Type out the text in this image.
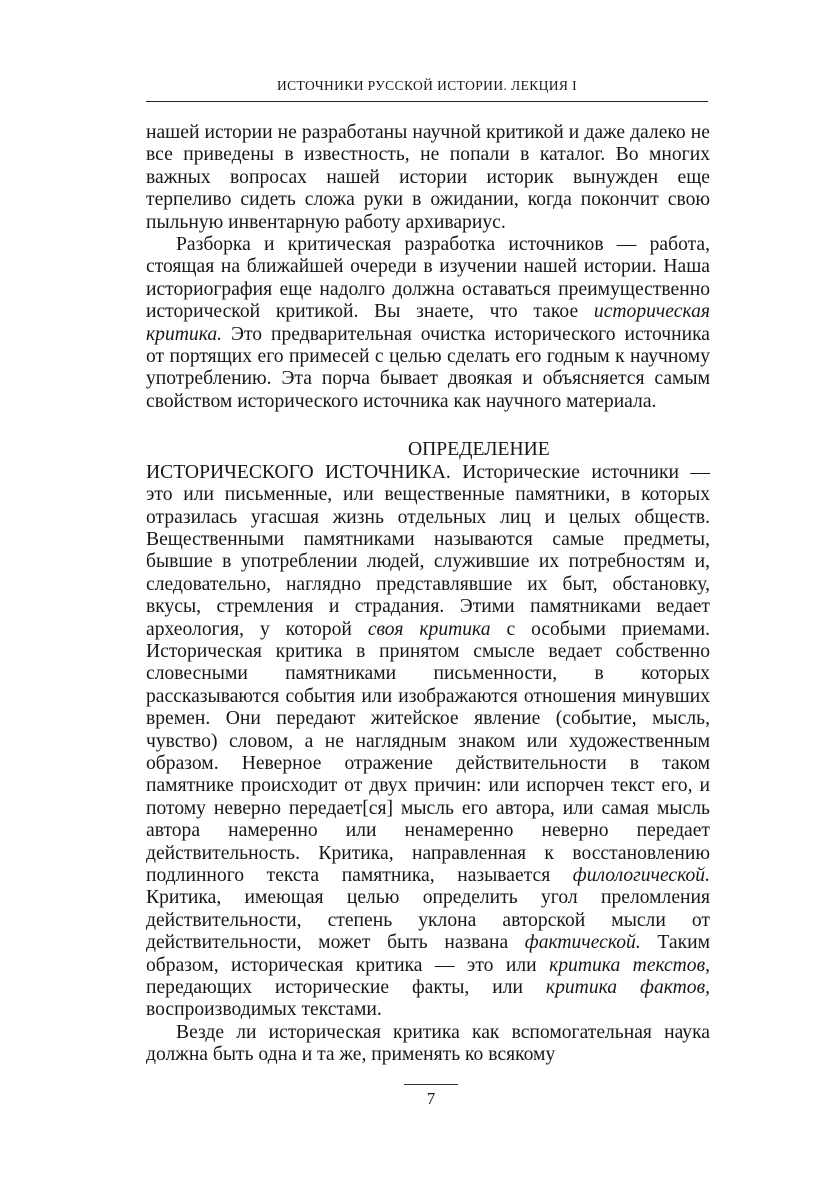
ИСТОЧНИКИ РУССКОЙ ИСТОРИИ. ЛЕКЦИЯ I

нашей истории не разработаны научной критикой и даже далеко не все приведены в известность, не попали в каталог. Во многих важных вопросах нашей истории историк вынужден еще терпеливо сидеть сложа руки в ожидании, когда покончит свою пыльную инвентарную работу архивариус.

Разборка и критическая разработка источников — работа, стоящая на ближайшей очереди в изучении нашей истории. Наша историография еще надолго должна оставаться преимущественно исторической критикой. Вы знаете, что такое историческая критика. Это предварительная очистка исторического источника от портящих его примесей с целью сделать его годным к научному употреблению. Эта порча бывает двоякая и объясняется самым свойством исторического источника как научного материала.

ОПРЕДЕЛЕНИЕ ИСТОРИЧЕСКОГО ИСТОЧНИКА. Исторические источники — это или письменные, или вещественные памятники, в которых отразилась угасшая жизнь отдельных лиц и целых обществ. Вещественными памятниками называются самые предметы, бывшие в употреблении людей, служившие их потребностям и, следовательно, наглядно представлявшие их быт, обстановку, вкусы, стремления и страдания. Этими памятниками ведает археология, у которой своя критика с особыми приемами. Историческая критика в принятом смысле ведает собственно словесными памятниками письменности, в которых рассказываются события или изображаются отношения минувших времен. Они передают житейское явление (событие, мысль, чувство) словом, а не наглядным знаком или художественным образом. Неверное отражение действительности в таком памятнике происходит от двух причин: или испорчен текст его, и потому неверно передает[ся] мысль его автора, или самая мысль автора намеренно или ненамеренно неверно передает действительность. Критика, направленная к восстановлению подлинного текста памятника, называется филологической. Критика, имеющая целью определить угол преломления действительности, степень уклона авторской мысли от действительности, может быть названа фактической. Таким образом, историческая критика — это или критика текстов, передающих исторические факты, или критика фактов, воспроизводимых текстами.

Везде ли историческая критика как вспомогательная наука должна быть одна и та же, применять ко всякому

7
